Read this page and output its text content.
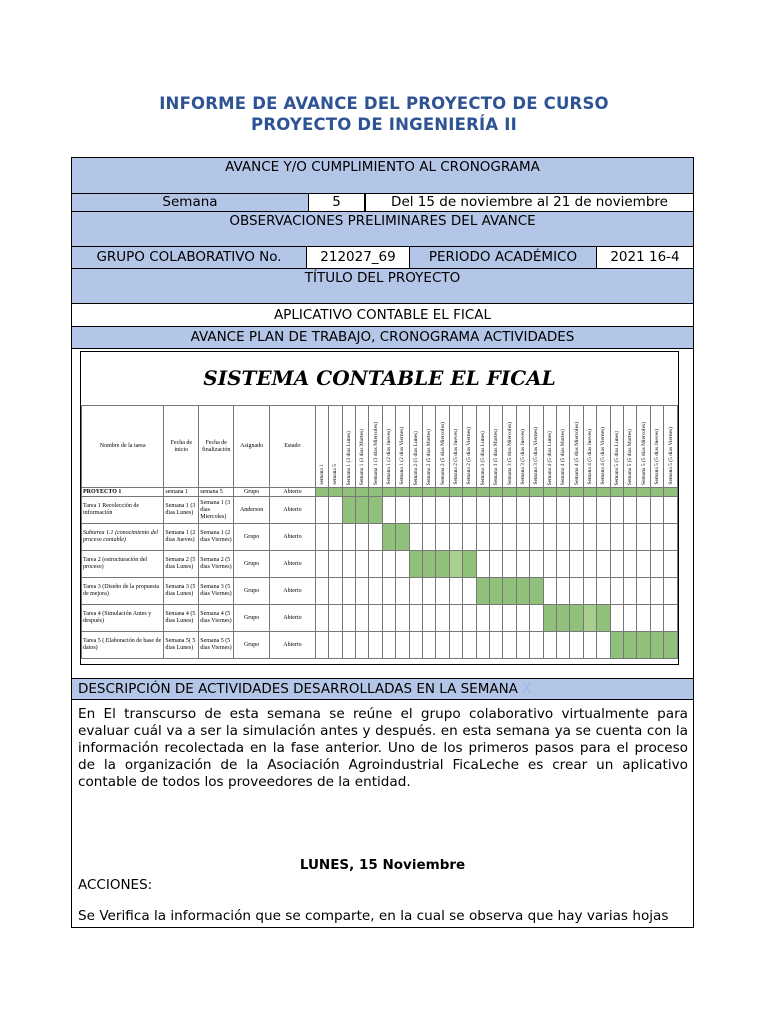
INFORME DE AVANCE DEL PROYECTO DE CURSO
PROYECTO DE INGENIERÍA II
AVANCE Y/O CUMPLIMIENTO AL CRONOGRAMA
Semana	5	Del 15 de noviembre al 21 de noviembre
OBSERVACIONES PRELIMINARES DEL AVANCE
GRUPO COLABORATIVO No.	212027_69	PERIODO ACADÉMICO	2021 16-4
TÍTULO DEL PROYECTO
APLICATIVO CONTABLE EL FICAL
AVANCE PLAN DE TRABAJO, CRONOGRAMA ACTIVIDADES
SISTEMA CONTABLE EL FICAL
Nombre de la tarea	Fecha de inicio	Fecha de finalización	Asignado	Estado	semana 1	semana 5	Semana 1 (3 dias Lunes)	Semana 1 (3 dias Martes)	Semana 1 (3 dias Miercoles)	Semana 1 (2 dias Jueves)	Semana 1 (2 dias Viernes)	Semana 2 (5 dias Lunes)	Semana 2 (5 dias Martes)	Semana 2 (5 dias Miercoles)	Semana 2 (5 dias Jueves)	Semana 2 (5 dias Viernes)	Semana 3 (5 dias Lunes)	Semana 3 (5 dias Martes)	Semana 3 (5 dias Miercoles)	Semana 3 (5 dias Jueves)	Semana 3 (5 dias Viernes)	Semana 4 (5 dias Lunes)	Semana 4 (5 dias Martes)	Semana 4 (5 dias Miercoles)	Semana 4 (5 dias Jueves)	Semana 4 (5 dias Viernes)	Semana 5 (5 dias Lunes)	Semana 5 (5 dias Martes)	Semana 5 (5 dias Miercoles)	Semana 5 (5 dias Jueves)	Semana 5 (5 dias Viernes)
PROYECTO 1	semana 1	semana 5	Grupo	Abierto																											
Tarea 1 Recolección de información	Semana 1 (3 dias Lunes)	Semana 1 (3 dias Miercoles)	Anderson	Abierto																											
Subtarea 1.1 (conocimiento del proceso contable)	Semana 1 (2 dias Jueves)	Semana 1 (2 dias Viernes)	Grupo	Abierto																											
Tarea 2 (estructuración del proceso)	Semana 2 (5 dias Lunes)	Semana 2 (5 dias Viernes)	Grupo	Abierto																											
Tarea 3 (Diseño de la propuesta de mejora)	Semana 3 (5 dias Lunes)	Semana 3 (5 dias Viernes)	Grupo	Abierto																											
Tarea 4 (Simulación Antes y después)	Semana 4 (5 dias Lunes)	Semana 4 (5 dias Viernes)	Grupo	Abierto																											
Tarea 5 ( Elaboración de base de datos)	Semana 5( 5 dias Lunes)	Semana 5 (5 dias Viernes)	Grupo	Abierto																											
DESCRIPCIÓN DE ACTIVIDADES DESARROLLADAS EN LA SEMANA X
En El transcurso de esta semana se reúne el grupo colaborativo virtualmente para evaluar cuál va a ser la simulación antes y después. en esta semana ya se cuenta con la información recolectada en la fase anterior. Uno de los primeros pasos para el proceso de la organización de la Asociación Agroindustrial FicaLeche es crear un aplicativo contable de todos los proveedores de la entidad.
LUNES, 15 Noviembre
ACCIONES:
Se Verifica la información que se comparte, en la cual se observa que hay varias hojas
